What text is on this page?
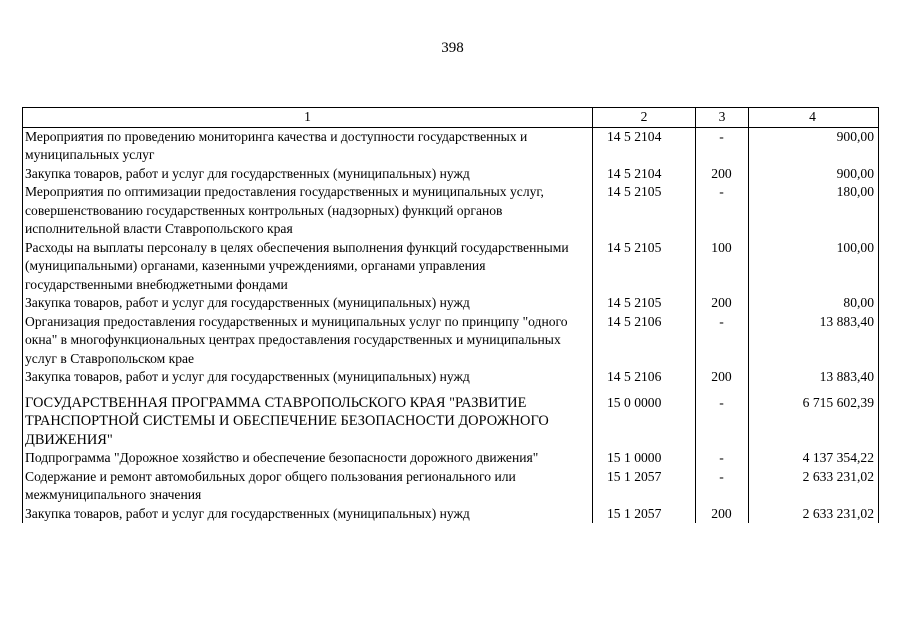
398
1	2	3	4
Мероприятия по проведению мониторинга качества и доступности государственных и муниципальных услуг	14 5 2104	-	900,00
Закупка товаров, работ и услуг для государственных (муниципальных) нужд	14 5 2104	200	900,00
Мероприятия по оптимизации предоставления государственных и муниципальных услуг, совершенствованию государственных контрольных (надзорных) функций органов исполнительной власти Ставропольского края	14 5 2105	-	180,00
Расходы на выплаты персоналу в целях обеспечения выполнения функций государственными (муниципальными) органами, казенными учреждениями, органами управления государственными внебюджетными фондами	14 5 2105	100	100,00
Закупка товаров, работ и услуг для государственных (муниципальных) нужд	14 5 2105	200	80,00
Организация предоставления государственных и муниципальных услуг по принципу "одного окна" в многофункциональных центрах предоставления государственных и муниципальных услуг в Ставропольском крае	14 5 2106	-	13 883,40
Закупка товаров, работ и услуг для государственных (муниципальных) нужд	14 5 2106	200	13 883,40
ГОСУДАРСТВЕННАЯ ПРОГРАММА СТАВРОПОЛЬСКОГО КРАЯ "РАЗВИТИЕ ТРАНСПОРТНОЙ СИСТЕМЫ И ОБЕСПЕЧЕНИЕ БЕЗОПАСНОСТИ ДОРОЖНОГО ДВИЖЕНИЯ"	15 0 0000	-	6 715 602,39
Подпрограмма "Дорожное хозяйство и обеспечение безопасности дорожного движения"	15 1 0000	-	4 137 354,22
Содержание и ремонт автомобильных дорог общего пользования регионального или межмуниципального значения	15 1 2057	-	2 633 231,02
Закупка товаров, работ и услуг для государственных (муниципальных) нужд	15 1 2057	200	2 633 231,02
